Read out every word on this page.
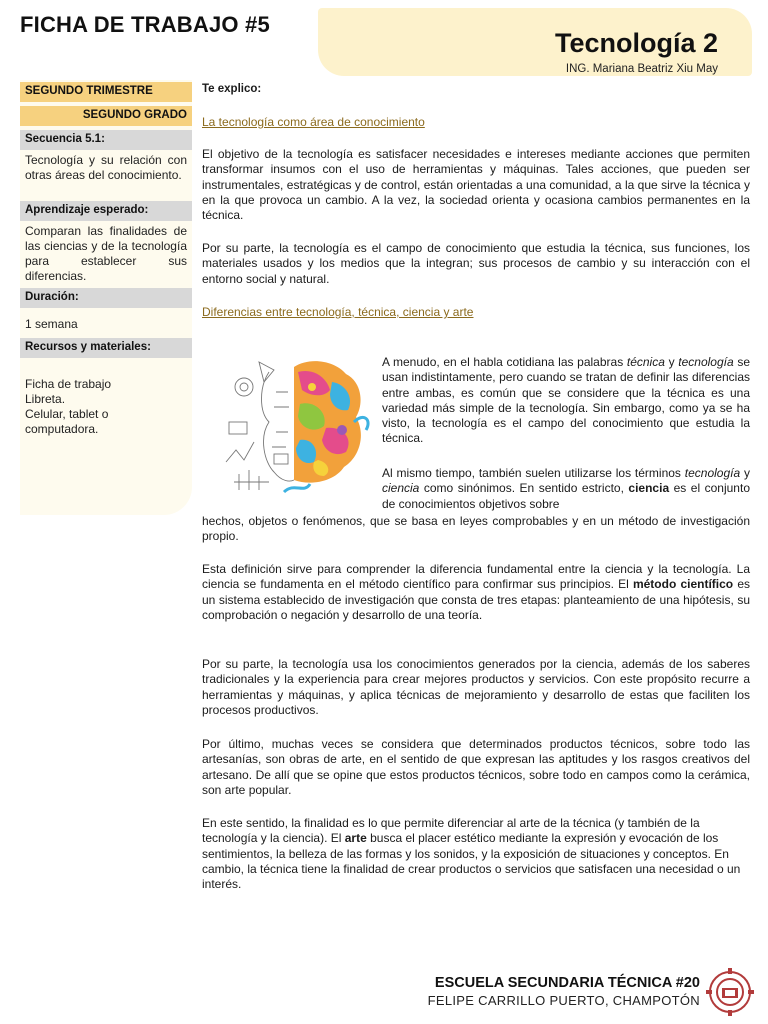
FICHA DE TRABAJO #5
Tecnología 2
ING. Mariana Beatriz Xiu May
SEGUNDO TRIMESTRE
SEGUNDO GRADO
Secuencia 5.1:
Tecnología y su relación con otras áreas del conocimiento.
Aprendizaje esperado:
Comparan las finalidades de las ciencias y de la tecnología para establecer sus diferencias.
Duración:
1 semana
Recursos y materiales:
Ficha de trabajo
Libreta.
Celular, tablet o computadora.
Te explico:
La tecnología como área de conocimiento

El objetivo de la tecnología es satisfacer necesidades e intereses mediante acciones que permiten transformar insumos con el uso de herramientas y máquinas. Tales acciones, que pueden ser instrumentales, estratégicas y de control, están orientadas a una comunidad, a la que sirve la técnica y en la que provoca un cambio. A la vez, la sociedad orienta y ocasiona cambios permanentes en la técnica.

Por su parte, la tecnología es el campo de conocimiento que estudia la técnica, sus funciones, los materiales usados y los medios que la integran; sus procesos de cambio y su interacción con el entorno social y natural.

Diferencias entre tecnología, técnica, ciencia y arte

A menudo, en el habla cotidiana las palabras técnica y tecnología se usan indistintamente, pero cuando se tratan de definir las diferencias entre ambas, es común que se considere que la técnica es una variedad más simple de la tecnología. Sin embargo, como ya se ha visto, la tecnología es el campo del conocimiento que estudia la técnica.

Al mismo tiempo, también suelen utilizarse los términos tecnología y ciencia como sinónimos. En sentido estricto, ciencia es el conjunto de conocimientos objetivos sobre

hechos, objetos o fenómenos, que se basa en leyes comprobables y en un método de investigación propio.

Esta definición sirve para comprender la diferencia fundamental entre la ciencia y la tecnología. La ciencia se fundamenta en el método científico para confirmar sus principios. El método científico es un sistema establecido de investigación que consta de tres etapas: planteamiento de una hipótesis, su comprobación o negación y desarrollo de una teoría.

Por su parte, la tecnología usa los conocimientos generados por la ciencia, además de los saberes tradicionales y la experiencia para crear mejores productos y servicios. Con este propósito recurre a herramientas y máquinas, y aplica técnicas de mejoramiento y desarrollo de estas que faciliten los procesos productivos.

Por último, muchas veces se considera que determinados productos técnicos, sobre todo las artesanías, son obras de arte, en el sentido de que expresan las aptitudes y los rasgos creativos del artesano. De allí que se opine que estos productos técnicos, sobre todo en campos como la cerámica, son arte popular.

En este sentido, la finalidad es lo que permite diferenciar al arte de la técnica (y también de la tecnología y la ciencia). El arte busca el placer estético mediante la expresión y evocación de los sentimientos, la belleza de las formas y los sonidos, y la exposición de situaciones y conceptos. En cambio, la técnica tiene la finalidad de crear productos o servicios que satisfacen una necesidad o un interés.

ESCUELA SECUNDARIA TÉCNICA #20
FELIPE CARRILLO PUERTO, CHAMPOTÓN
